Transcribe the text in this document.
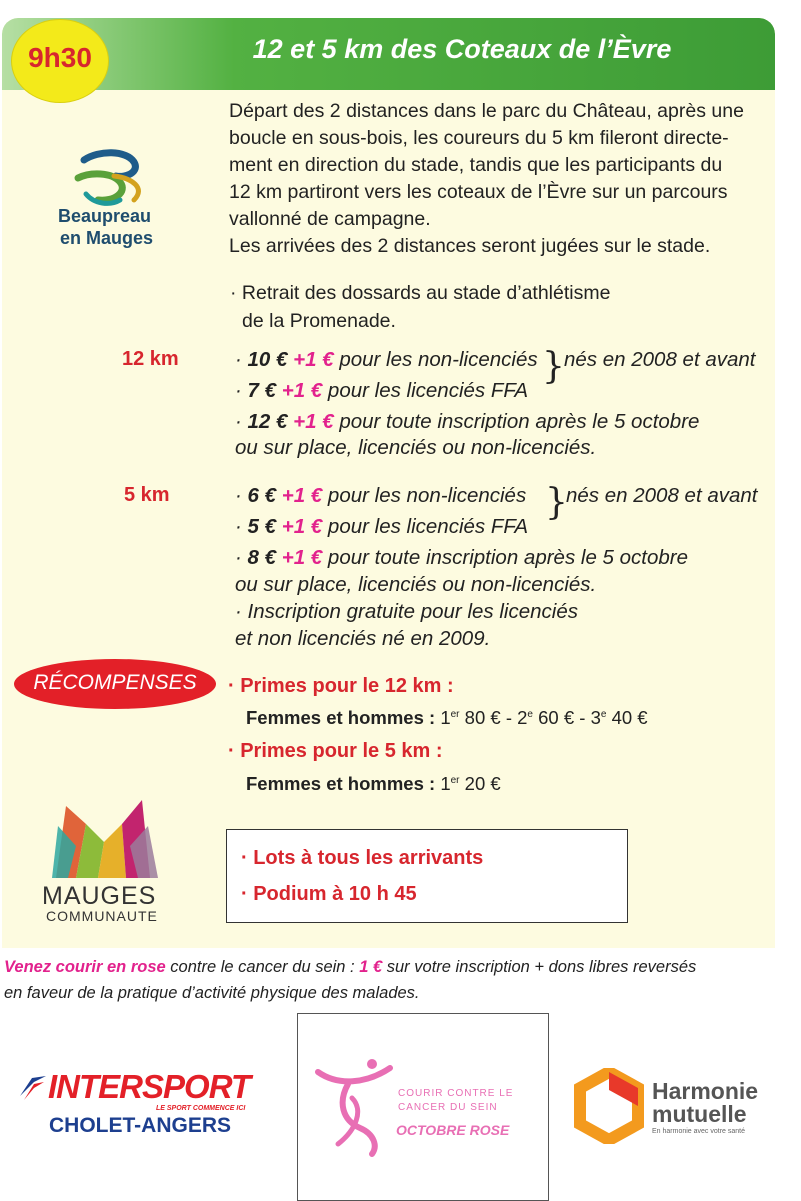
12 et 5 km des Coteaux de l’Èvre
Beaupreau
en Mauges
MAUGES
COMMUNAUTE
Départ des 2 distances dans le parc du Château, après une
boucle en sous-bois, les coureurs du 5 km fileront directe-
ment en direction du stade, tandis que les participants du
12 km partiront vers les coteaux de l’Èvre sur un parcours
vallonné de campagne.
Les arrivées des 2 distances seront jugées sur le stade.
· Retrait des dossards au stade d’athlétisme
de la Promenade.
12 km	· 10 € +1 € pour les non-licenciés
· 7 € +1 € pour les licenciés FFA
} nés en 2008 et avant
· 12 € +1 € pour toute inscription après le 5 octobre
ou sur place, licenciés ou non-licenciés.
5 km	· 6 € +1 € pour les non-licenciés
· 5 € +1 € pour les licenciés FFA
}
nés en 2008 et avant
· 8 € +1 € pour toute inscription après le 5 octobre
ou sur place, licenciés ou non-licenciés.
· Inscription gratuite pour les licenciés
et non licenciés né en 2009.
· Primes pour le 12 km :
Femmes et hommes : 1er 80 € - 2e 60 € - 3e 40 €
· Primes pour le 5 km :
Femmes et hommes : 1er 20 €
· Lots à tous les arrivants
· Podium à 10 h 45
9h30
RÉCOMPENSES
Venez courir en rose contre le cancer du sein : 1 € sur votre inscription + dons libres reversés
en faveur de la pratique d’activité physique des malades.
INTERSPORT
LE SPORT COMMENCE ICI
CHOLET-ANGERS
COURIR CONTRE LE
CANCER DU SEIN
OCTOBRE ROSE
Harmonie
mutuelle
En harmonie avec votre santé
